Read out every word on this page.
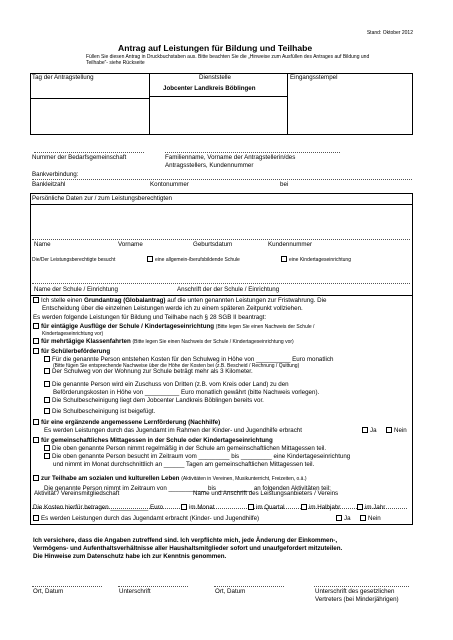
Stand: Oktober 2012
Antrag auf Leistungen für Bildung und Teilhabe
Füllen Sie diesen Antrag in Druckbuchstaben aus. Bitte beachten Sie die „Hinweise zum Ausfüllen des Antrages auf Bildung und
Teilhabe“- siehe Rückseite
Tag der Antragstellung	Dienststelle
Jobcenter Landkreis Böblingen
Eingangsstempel
Nummer der Bedarfsgemeinschaft	Familienname, Vorname der Antragstellerin/des
Antragsstellers, Kundennummer
Bankverbindung:
Bankleitzahl	Kontonummer	bei
Persönliche Daten zur / zum Leistungsberechtigten
Name	Vorname	Geburtsdatum	Kundennummer
Die/Der Leistungsberechtigte besucht	eine allgemein-/berufsbildende Schule	eine Kindertageseinrichtung
Name der Schule / Einrichtung	Anschrift der der Schule / Einrichtung
Ich stelle einen Grundantrag (Globalantrag) auf die unten genannten Leistungen zur Fristwahrung. Die
Entscheidung über die einzelnen Leistungen werde ich zu einem späteren Zeitpunkt vollziehen.
Es werden folgende Leistungen für Bildung und Teilhabe nach § 28 SGB II beantragt:
für eintägige Ausflüge der Schule / Kindertageseinrichtung (Bitte legen Sie einen Nachweis der Schule /
Kindertageseinrichtung vor)
für mehrtägige Klassenfahrten (Bitte legen Sie einen Nachweis der Schule / Kindertageseinrichtung vor)
für Schülerbeförderung
Für die genannte Person entstehen Kosten für den Schulweg in Höhe von __________ Euro monatlich
(Bitte fügen Sie entsprechende Nachweise über die Höhe der Kosten bei (z.B. Bescheid / Rechnung / Quittung)
Der Schulweg von der Wohnung zur Schule beträgt mehr als 3 Kilometer.
Die genannte Person wird ein Zuschuss von Dritten (z.B. vom Kreis oder Land) zu den
Beförderungskosten in Höhe von __________ Euro monatlich gewährt (bitte Nachweis vorlegen).
Die Schulbescheinigung liegt dem Jobcenter Landkreis Böblingen bereits vor.
Die Schulbescheinigung ist beigefügt.
für eine ergänzende angemessene Lernförderung (Nachhilfe)
Es werden Leistungen durch das Jugendamt im Rahmen der Kinder- und Jugendhilfe erbracht	Ja	Nein
für gemeinschaftliches Mittagessen in der Schule oder Kindertageseinrichtung
Die oben genannte Person nimmt regelmäßig in der Schule am gemeinschaftlichen Mittagessen teil.
Die oben genannte Person besucht im Zeitraum vom _________ bis _________ eine Kindertageseinrichtung
und nimmt im Monat durchschnittlich an ______ Tagen am gemeinschaftlichen Mittagessen teil.
zur Teilhabe am sozialen und kulturellen Leben (Aktivitäten in Vereinen, Musikunterricht, Freizeiten, o.ä.)
Die genannte Person nimmt im Zeitraum von ___________ bis __________ an folgenden Aktivitäten teil:
Aktivität / Vereinsmitgliedschaft	Name und Anschrift des Leistungsanbieters / Vereins
Die Kosten hierfür betragen ___________ Euro	im Monat	im Quartal	im Halbjahr	im Jahr
Es werden Leistungen durch das Jugendamt erbracht (Kinder- und Jugendhilfe)	Ja	Nein
Ich versichere, dass die Angaben zutreffend sind. Ich verpflichte mich, jede Änderung der Einkommen-,
Vermögens- und Aufenthaltsverhältnisse aller Haushaltsmitglieder sofort und unaufgefordert mitzuteilen.
Die Hinweise zum Datenschutz habe ich zur Kenntnis genommen.
Ort, Datum	Unterschrift	Ort, Datum	Unterschrift des gesetzlichen
Vertreters (bei Minderjährigen)
